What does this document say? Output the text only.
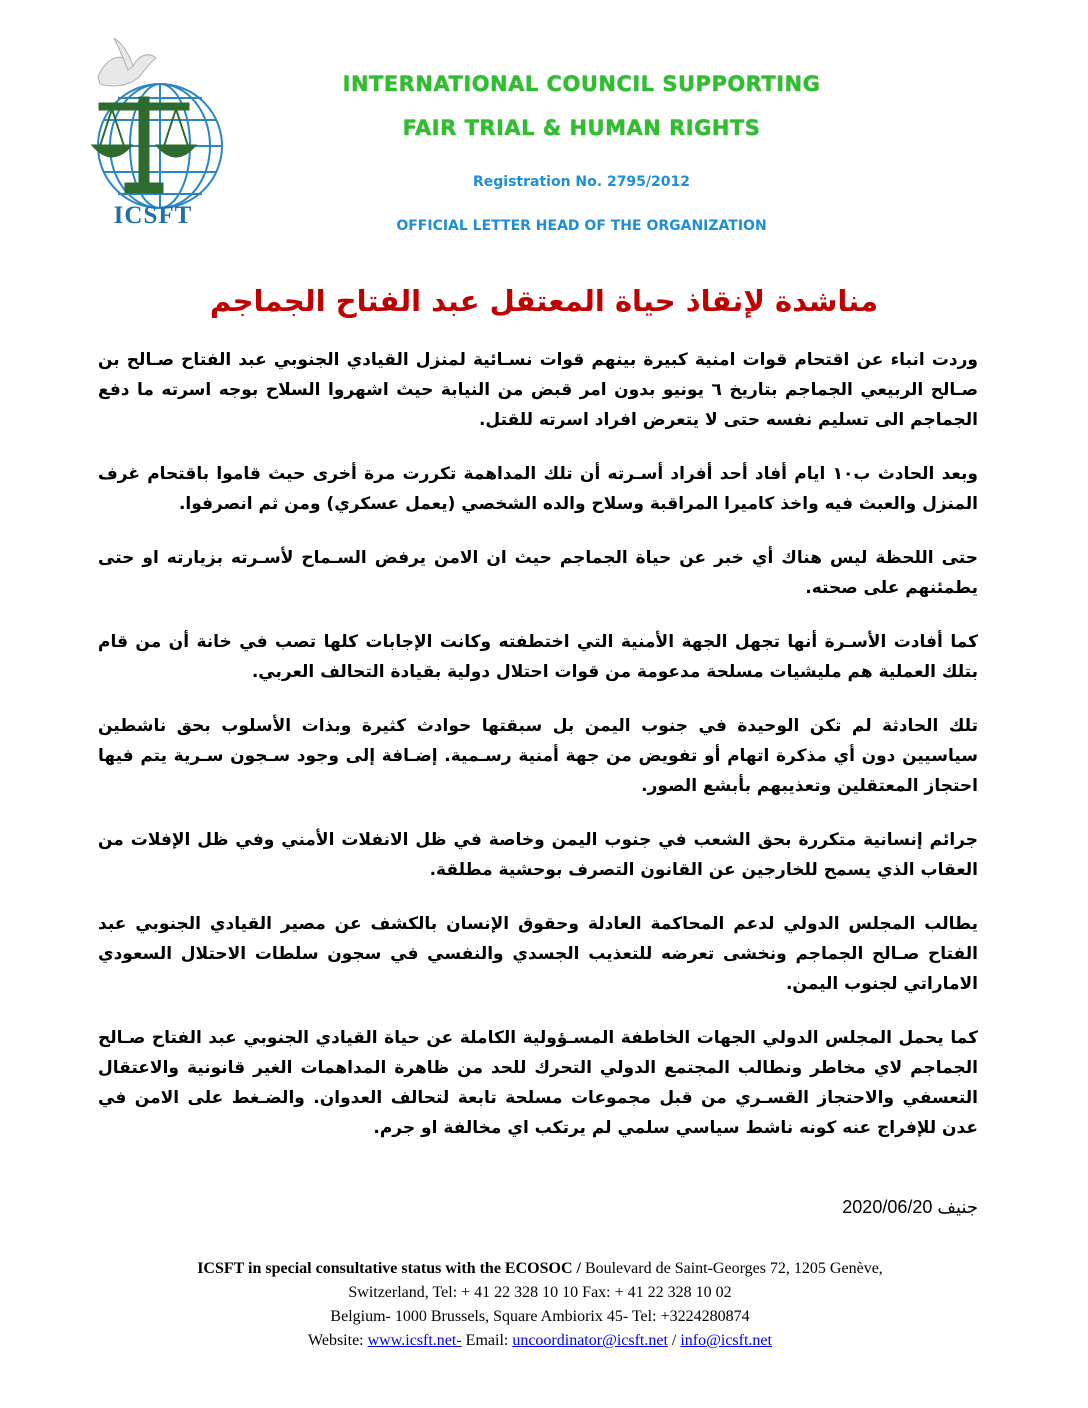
ICSFT
INTERNATIONAL COUNCIL SUPPORTING
FAIR TRIAL & HUMAN RIGHTS
Registration No. 2795/2012
OFFICIAL LETTER HEAD OF THE ORGANIZATION
مناشدة لإنقاذ حياة المعتقل عبد الفتاح الجماجم

وردت انباء عن اقتحام قوات امنية كبيرة بينهم قوات نسـائية لمنزل القيادي الجنوبي عبد الفتاح صـالح بن صـالح الربيعي الجماجم بتاريخ ٦ يونيو بدون امر قبض من النيابة حيث اشهروا السلاح بوجه اسرته ما دفع الجماجم الى تسليم نفسه حتى لا يتعرض افراد اسرته للقتل.

وبعد الحادث ب١٠ ايام أفاد أحد أفراد أسـرته أن تلك المداهمة تكررت مرة أخرى حيث قاموا باقتحام غرف المنزل والعبث فيه واخذ كاميرا المراقبة وسلاح والده الشخصي (يعمل عسكري) ومن ثم انصرفوا.

حتى اللحظة ليس هناك أي خبر عن حياة الجماجم حيث ان الامن يرفض السـماح لأسـرته بزيارته او حتى يطمئنهم على صحته.

كما أفادت الأسـرة أنها تجهل الجهة الأمنية التي اختطفته وكانت الإجابات كلها تصب في خانة أن من قام بتلك العملية هم مليشيات مسلحة مدعومة من قوات احتلال دولية بقيادة التحالف العربي.

تلك الحادثة لم تكن الوحيدة في جنوب اليمن بل سبقتها حوادث كثيرة وبذات الأسلوب بحق ناشطين سياسيين دون أي مذكرة اتهام أو تفويض من جهة أمنية رسـمية. إضـافة إلى وجود سـجون سـرية يتم فيها احتجاز المعتقلين وتعذيبهم بأبشع الصور.

جرائم إنسانية متكررة بحق الشعب في جنوب اليمن وخاصة في ظل الانفلات الأمني وفي ظل الإفلات من العقاب الذي يسمح للخارجين عن القانون التصرف بوحشية مطلقة.

يطالب المجلس الدولي لدعم المحاكمة العادلة وحقوق الإنسان بالكشف عن مصير القيادي الجنوبي عبد الفتاح صـالح الجماجم ونخشى تعرضه للتعذيب الجسدي والنفسي في سجون سلطات الاحتلال السعودي الاماراتي لجنوب اليمن.

كما يحمل المجلس الدولي الجهات الخاطفة المسـؤولية الكاملة عن حياة القيادي الجنوبي عبد الفتاح صـالح الجماجم لاي مخاطر ونطالب المجتمع الدولي التحرك للحد من ظاهرة المداهمات الغير قانونية والاعتقال التعسفي والاحتجاز القسـري من قبل مجموعات مسلحة تابعة لتحالف العدوان. والضـغط على الامن في عدن للإفراج عنه كونه ناشط سياسي سلمي لم يرتكب اي مخالفة او جرم.

جنيف 2020/06/20
ICSFT in special consultative status with the ECOSOC / Boulevard de Saint-Georges 72, 1205 Genève,
Switzerland, Tel: + 41 22 328 10 10 Fax: + 41 22 328 10 02
Belgium- 1000 Brussels, Square Ambiorix 45- Tel: +3224280874
Website: www.icsft.net- Email: uncoordinator@icsft.net / info@icsft.net
